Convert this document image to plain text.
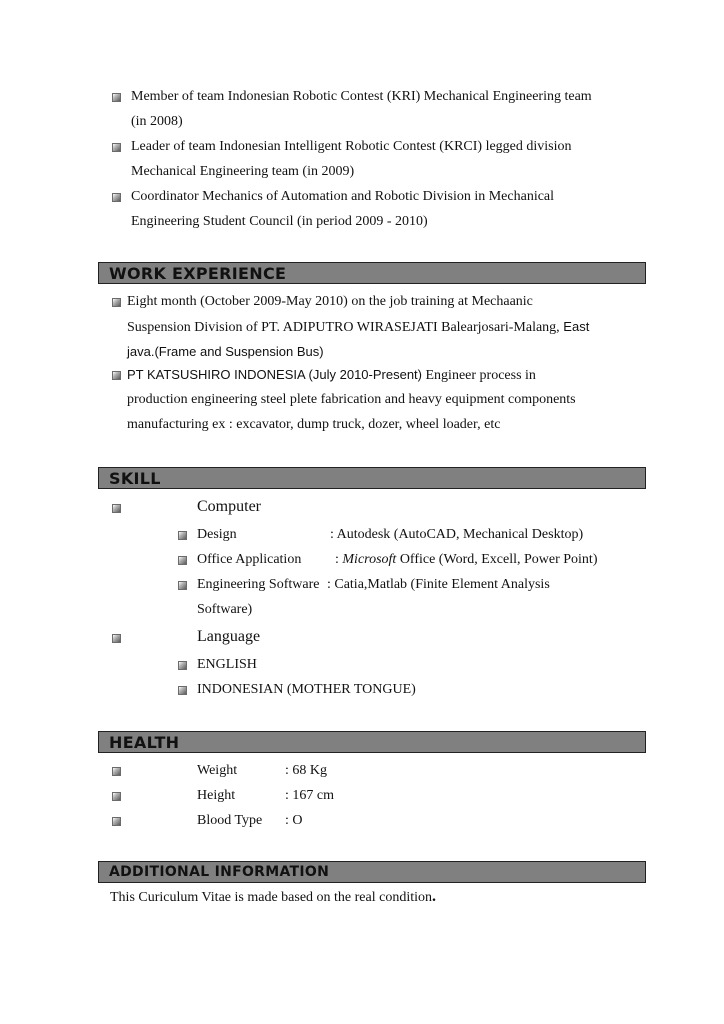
Member of team Indonesian Robotic Contest (KRI) Mechanical Engineering team
(in 2008)
Leader of team Indonesian Intelligent Robotic Contest (KRCI) legged division
Mechanical Engineering team (in 2009)
Coordinator Mechanics of Automation and Robotic Division in Mechanical
Engineering Student Council (in period 2009 - 2010)
WORK EXPERIENCE
Eight month (October 2009-May 2010) on the job training at Mechaanic
Suspension Division of PT. ADIPUTRO WIRASEJATI Balearjosari-Malang, East
java.(Frame and Suspension Bus)
PT KATSUSHIRO INDONESIA (July 2010-Present) Engineer process in
production engineering steel plete fabrication and heavy equipment components
manufacturing ex : excavator, dump truck, dozer, wheel loader, etc
SKILL
Computer
Design	: Autodesk (AutoCAD, Mechanical Desktop)
Office Application : Microsoft Office (Word, Excell, Power Point)
Engineering Software : Catia,Matlab (Finite Element Analysis
Software)
Language
ENGLISH
INDONESIAN (MOTHER TONGUE)
HEALTH
Weight	: 68 Kg
Height	: 167 cm
Blood Type : O
ADDITIONAL INFORMATION
This Curiculum Vitae is made based on the real condition.
